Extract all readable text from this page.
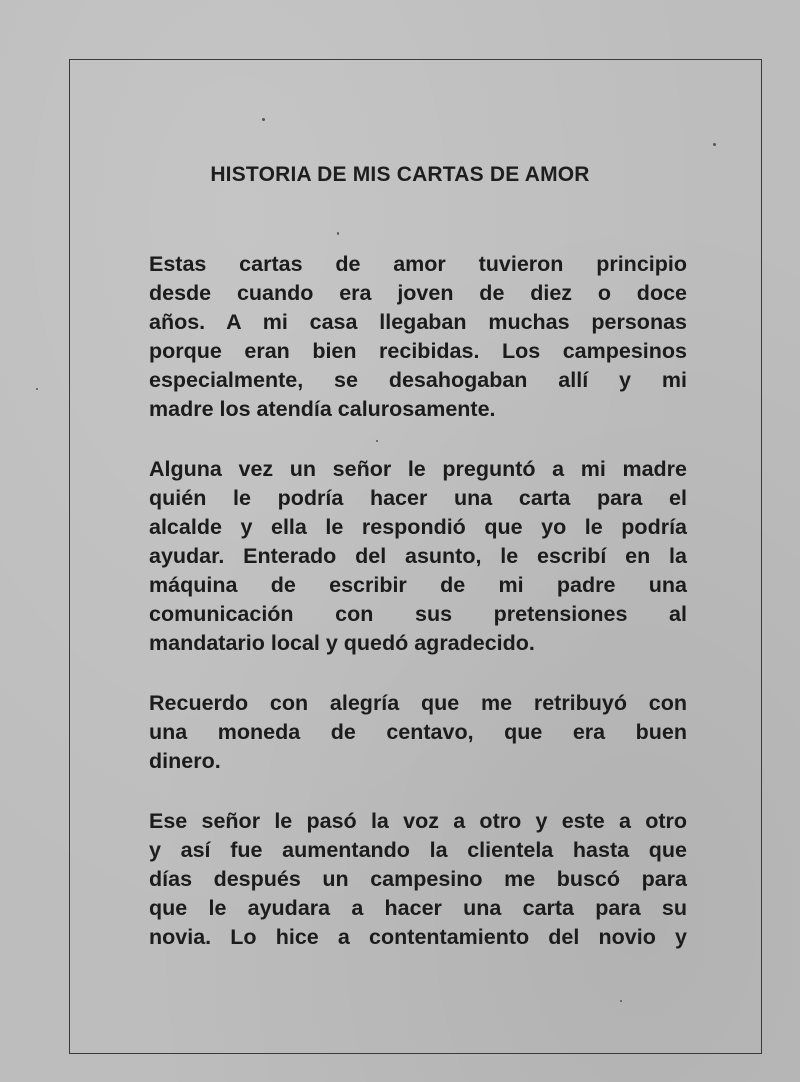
HISTORIA DE MIS CARTAS DE AMOR

Estas cartas de amor tuvieron principio
desde cuando era joven de diez o doce
años. A mi casa llegaban muchas personas
porque eran bien recibidas. Los campesinos
especialmente, se desahogaban allí y mi
madre los atendía calurosamente.

Alguna vez un señor le preguntó a mi madre
quién le podría hacer una carta para el
alcalde y ella le respondió que yo le podría
ayudar. Enterado del asunto, le escribí en la
máquina de escribir de mi padre una
comunicación con sus pretensiones al
mandatario local y quedó agradecido.

Recuerdo con alegría que me retribuyó con
una moneda de centavo, que era buen
dinero.

Ese señor le pasó la voz a otro y este a otro
y así fue aumentando la clientela hasta que
días después un campesino me buscó para
que le ayudara a hacer una carta para su
novia. Lo hice a contentamiento del novio y
